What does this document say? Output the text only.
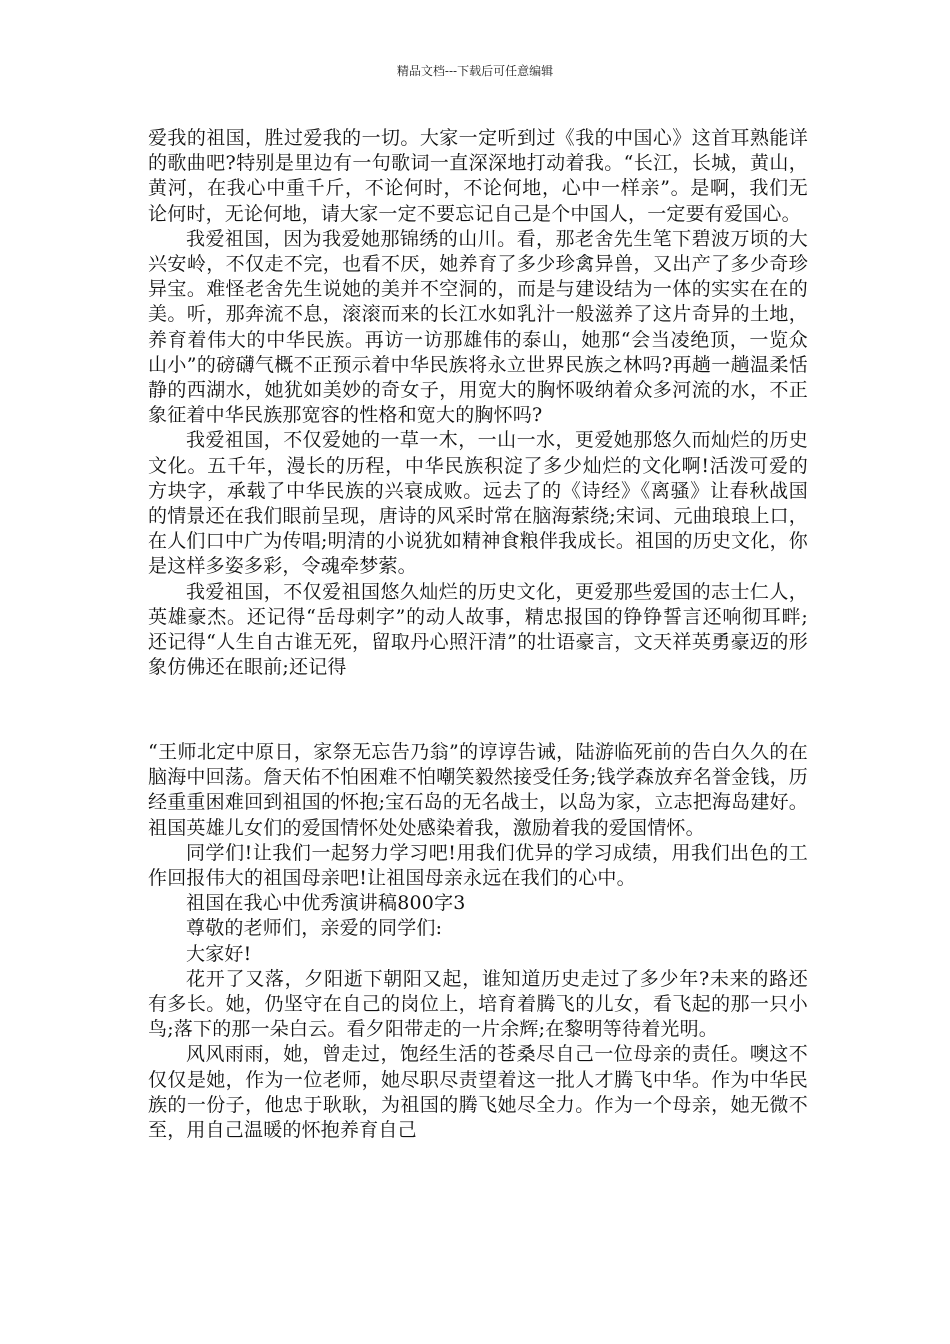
精品文档---下载后可任意编辑

爱我的祖国，胜过爱我的一切。大家一定听到过《我的中国心》这首耳熟能详的歌曲吧?特别是里边有一句歌词一直深深地打动着我。“长江，长城，黄山，黄河，在我心中重千斤，不论何时，不论何地，心中一样亲”。是啊，我们无论何时，无论何地，请大家一定不要忘记自己是个中国人，一定要有爱国心。

我爱祖国，因为我爱她那锦绣的山川。看，那老舍先生笔下碧波万顷的大兴安岭，不仅走不完，也看不厌，她养育了多少珍禽异兽，又出产了多少奇珍异宝。难怪老舍先生说她的美并不空洞的，而是与建设结为一体的实实在在的美。听，那奔流不息，滚滚而来的长江水如乳汁一般滋养了这片奇异的土地，养育着伟大的中华民族。再访一访那雄伟的泰山，她那“会当凌绝顶，一览众山小”的磅礴气概不正预示着中华民族将永立世界民族之林吗?再趟一趟温柔恬静的西湖水，她犹如美妙的奇女子，用宽大的胸怀吸纳着众多河流的水，不正象征着中华民族那宽容的性格和宽大的胸怀吗?

我爱祖国，不仅爱她的一草一木，一山一水，更爱她那悠久而灿烂的历史文化。五千年，漫长的历程，中华民族积淀了多少灿烂的文化啊!活泼可爱的方块字，承载了中华民族的兴衰成败。远去了的《诗经》《离骚》让春秋战国的情景还在我们眼前呈现，唐诗的风采时常在脑海萦绕;宋词、元曲琅琅上口，在人们口中广为传唱;明清的小说犹如精神食粮伴我成长。祖国的历史文化，你是这样多姿多彩，令魂牵梦萦。

我爱祖国，不仅爱祖国悠久灿烂的历史文化，更爱那些爱国的志士仁人，英雄豪杰。还记得“岳母刺字”的动人故事，精忠报国的铮铮誓言还响彻耳畔;还记得“人生自古谁无死，留取丹心照汗清”的壮语豪言，文天祥英勇豪迈的形象仿佛还在眼前;还记得

“王师北定中原日，家祭无忘告乃翁”的谆谆告诫，陆游临死前的告白久久的在脑海中回荡。詹天佑不怕困难不怕嘲笑毅然接受任务;钱学森放弃名誉金钱，历经重重困难回到祖国的怀抱;宝石岛的无名战士，以岛为家，立志把海岛建好。祖国英雄儿女们的爱国情怀处处感染着我，激励着我的爱国情怀。

同学们!让我们一起努力学习吧!用我们优异的学习成绩，用我们出色的工作回报伟大的祖国母亲吧!让祖国母亲永远在我们的心中。

祖国在我心中优秀演讲稿800字3

尊敬的老师们，亲爱的同学们:

大家好!

花开了又落，夕阳逝下朝阳又起，谁知道历史走过了多少年?未来的路还有多长。她，仍坚守在自己的岗位上，培育着腾飞的儿女，看飞起的那一只小鸟;落下的那一朵白云。看夕阳带走的一片余辉;在黎明等待着光明。

风风雨雨，她，曾走过，饱经生活的苍桑尽自己一位母亲的责任。噢这不仅仅是她，作为一位老师，她尽职尽责望着这一批人才腾飞中华。作为中华民族的一份子，他忠于耿耿，为祖国的腾飞她尽全力。作为一个母亲，她无微不至，用自己温暖的怀抱养育自己
